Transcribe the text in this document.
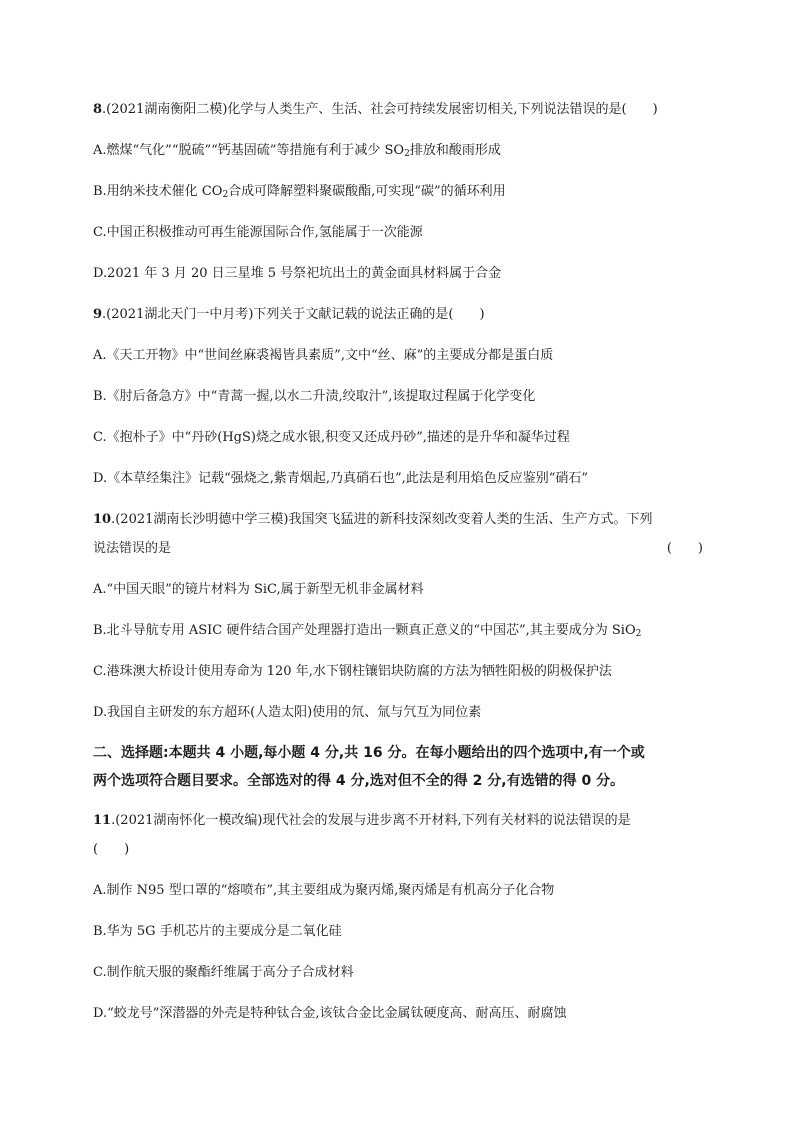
8.(2021湖南衡阳二模)化学与人类生产、生活、社会可持续发展密切相关,下列说法错误的是(　　)
A.燃煤“气化”“脱硫”“钙基固硫”等措施有利于减少 $SO_2$排放和酸雨形成
B.用纳米技术催化 $CO_2$合成可降解塑料聚碳酸酯,可实现“碳”的循环利用
C.中国正积极推动可再生能源国际合作,氢能属于一次能源
D.2021 年 3 月 20 日三星堆 5 号祭祀坑出土的黄金面具材料属于合金
9.(2021湖北天门一中月考)下列关于文献记载的说法正确的是(　　)
A.《天工开物》中“世间丝麻裘褐皆具素质”,文中“丝、麻”的主要成分都是蛋白质
B.《肘后备急方》中“青蒿一握,以水二升渍,绞取汁”,该提取过程属于化学变化
C.《抱朴子》中“丹砂(HgS)烧之成水银,积变又还成丹砂”,描述的是升华和凝华过程
D.《本草经集注》记载“强烧之,紫青烟起,乃真硝石也”,此法是利用焰色反应鉴别“硝石”
10.(2021湖南长沙明德中学三模)我国突飞猛进的新科技深刻改变着人类的生活、生产方式。下列
说法错误的是	(　　)
A.“中国天眼”的镜片材料为 SiC,属于新型无机非金属材料
B.北斗导航专用 ASIC 硬件结合国产处理器打造出一颗真正意义的“中国芯”,其主要成分为 SiO$_2$
C.港珠澳大桥设计使用寿命为 120 年,水下钢柱镶铝块防腐的方法为牺牲阳极的阴极保护法
D.我国自主研发的东方超环(人造太阳)使用的氘、氚与氕互为同位素
二、选择题:本题共 4 小题,每小题 4 分,共 16 分。在每小题给出的四个选项中,有一个或
两个选项符合题目要求。全部选对的得 4 分,选对但不全的得 2 分,有选错的得 0 分。
11.(2021湖南怀化一模改编)现代社会的发展与进步离不开材料,下列有关材料的说法错误的是
(　　)
A.制作 N95 型口罩的“熔喷布”,其主要组成为聚丙烯,聚丙烯是有机高分子化合物
B.华为 5G 手机芯片的主要成分是二氧化硅
C.制作航天服的聚酯纤维属于高分子合成材料
D.“蛟龙号”深潜器的外壳是特种钛合金,该钛合金比金属钛硬度高、耐高压、耐腐蚀
